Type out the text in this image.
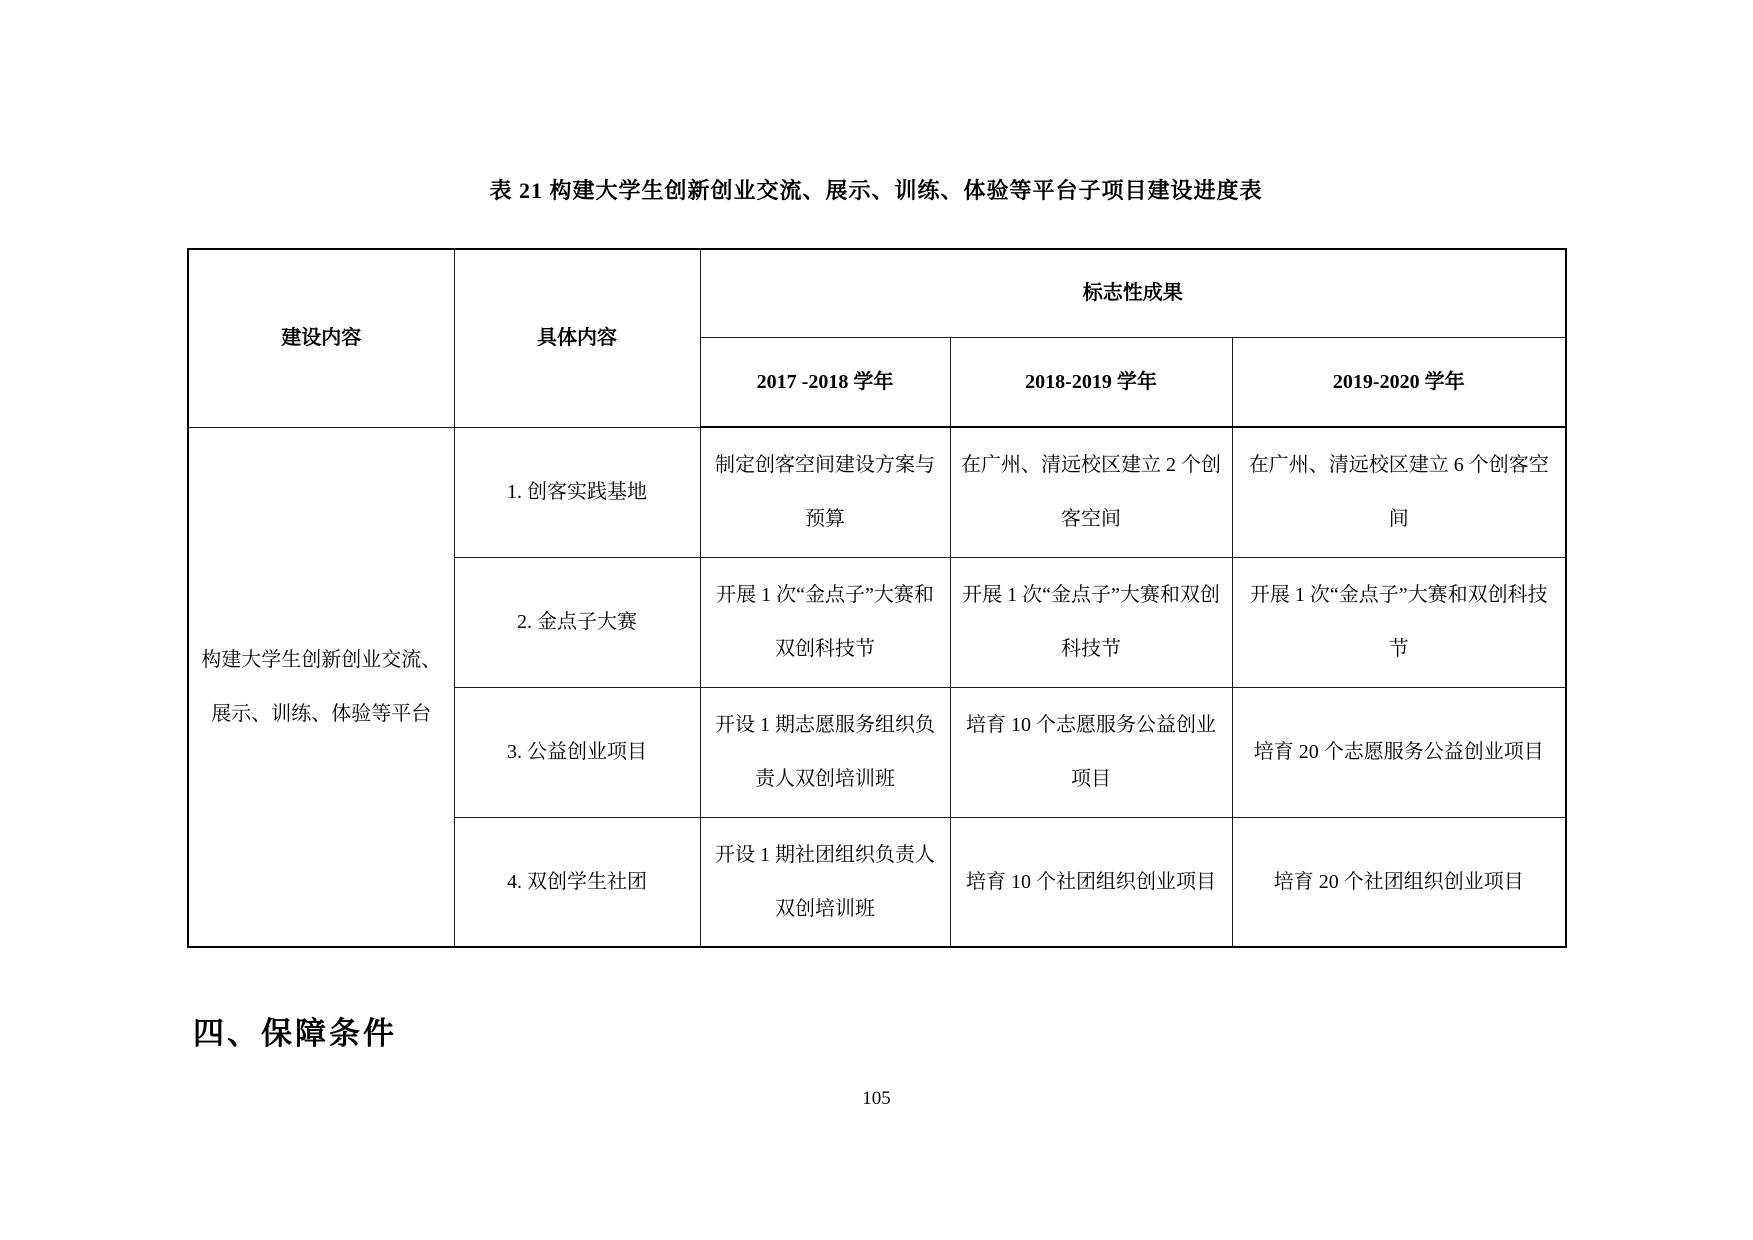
表 21 构建大学生创新创业交流、展示、训练、体验等平台子项目建设进度表
建设内容	具体内容	标志性成果		
		2017 -2018 学年	2018-2019 学年	2019-2020 学年
构建大学生创新创业交流、展示、训练、体验等平台	1. 创客实践基地	制定创客空间建设方案与预算	在广州、清远校区建立 2 个创客空间	在广州、清远校区建立 6 个创客空间
	2. 金点子大赛	开展 1 次“金点子”大赛和双创科技节	开展 1 次“金点子”大赛和双创科技节	开展 1 次“金点子”大赛和双创科技节
	3. 公益创业项目	开设 1 期志愿服务组织负责人双创培训班	培育 10 个志愿服务公益创业项目	培育 20 个志愿服务公益创业项目
	4. 双创学生社团	开设 1 期社团组织负责人双创培训班	培育 10 个社团组织创业项目	培育 20 个社团组织创业项目
四、保障条件
105
